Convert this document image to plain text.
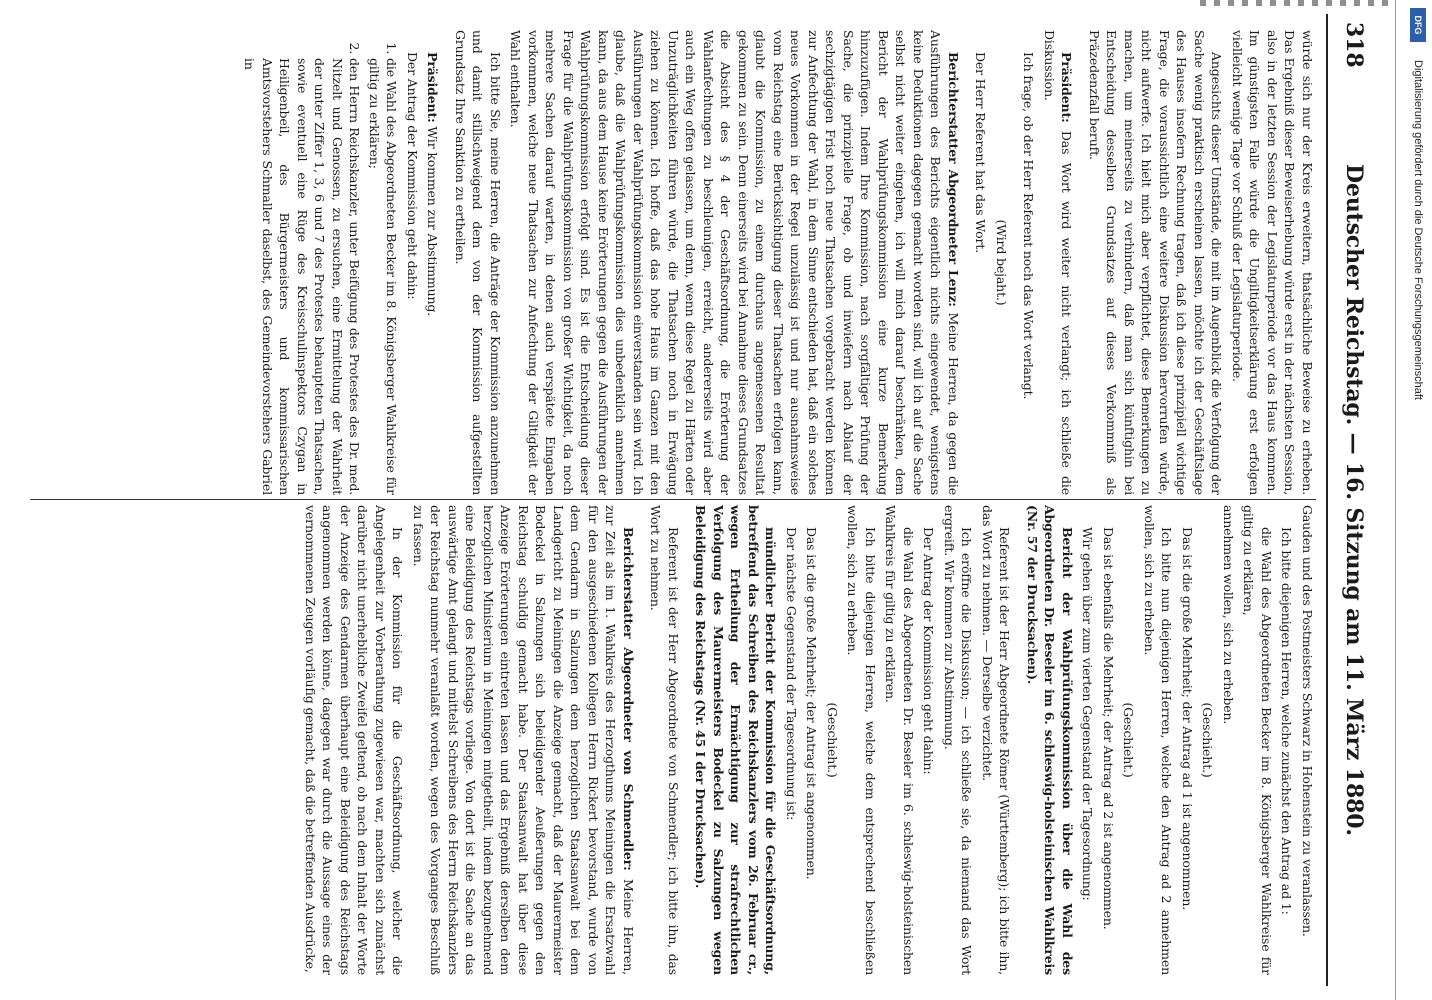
318
Deutscher Reichstag. — 16. Sitzung am 11. März 1880.

würde sich nur der Kreis erweitern, thatsächliche Beweise zu erheben. Das Ergebniß dieser Beweiserhebung würde erst in der nächsten Session, also in der letzten Session der Legislaturperiode vor das Haus kommen. Im günstigsten Falle würde die Ungiltigkeitserklärung erst erfolgen vielleicht wenige Tage vor Schluß der Legislaturperiode.

Angesichts dieser Umstände, die mit im Augenblick die Verfolgung der Sache wenig praktisch erscheinen lassen, möchte ich der Geschäftslage des Hauses insofern Rechnung tragen, daß ich diese prinzipiell wichtige Frage, die voraussichtlich eine weitere Diskussion hervorrufen würde, nicht aufwerfe. Ich hielt mich aber verpflichtet, diese Bemerkungen zu machen, um meinerseits zu verhindern, daß man sich künftighin bei Entscheidung desselben Grundsatzes auf dieses Verkommniß als Präzedenzfall beruft.

Präsident: Das Wort wird weiter nicht verlangt; ich schließe die Diskussion.

Ich frage, ob der Herr Referent noch das Wort verlangt.

(Wird bejaht.)

Der Herr Referent hat das Wort.

Berichterstatter Abgeordneter Lenz: Meine Herren, da gegen die Ausführungen des Berichts eigentlich nichts eingewendet, wenigstens keine Deduktionen dagegen gemacht worden sind, will ich auf die Sache selbst nicht weiter eingehen, ich will mich darauf beschränken, dem Bericht der Wahlprüfungskommission eine kurze Bemerkung hinzuzufügen. Indem Ihre Kommission, nach sorgfältiger Prüfung der Sache, die prinzipielle Frage, ob und inwiefern nach Ablauf der sechzigtägigen Frist noch neue Thatsachen vorgebracht werden können zur Anfechtung der Wahl, in dem Sinne entschieden hat, daß ein solches neues Vorkommen in der Regel unzulässig ist und nur ausnahmsweise vom Reichstag eine Berücksichtigung dieser Thatsachen erfolgen kann, glaubt die Kommission, zu einem durchaus angemessenen Resultat gekommen zu sein. Denn einerseits wird bei Annahme dieses Grundsatzes die Absicht des § 4 der Geschäftsordnung, die Erörterung der Wahlanfechtungen zu beschleunigen, erreicht, andererseits wird aber auch ein Weg offen gelassen, um denn, wenn diese Regel zu Härten oder Unzuträglichkeiten führen würde, die Thatsachen noch in Erwägung ziehen zu können. Ich hoffe, daß das hohe Haus im Ganzen mit den Ausführungen der Wahlprüfungskommission einverstanden sein wird. Ich glaube, daß die Wahlprüfungskommission dies unbedenklich annehmen kann, da aus dem Hause keine Erörterungen gegen die Ausführungen der Wahlprüfungskommission erfolgt sind. Es ist die Entscheidung dieser Frage für die Wahlprüfungskommission von großer Wichtigkeit, da noch mehrere Sachen darauf warten, in denen auch verspätete Eingaben vorkommen, welche neue Thatsachen zur Anfechtung der Giltigkeit der Wahl enthalten.

Ich bitte Sie, meine Herren, die Anträge der Kommission anzunehmen und damit stillschweigend dem von der Kommission aufgestellten Grundsatz Ihre Sanktion zu ertheilen.

Präsident: Wir kommen zur Abstimmung.

Der Antrag der Kommission geht dahin:

1. die Wahl des Abgeordneten Becker im 8. Königsberger Wahlkreise für giltig zu erklären;
2. den Herrn Reichskanzler, unter Beifügung des Protestes des Dr. med. Nitzelt und Genossen, zu ersuchen, eine Ermittelung der Wahrheit der unter Ziffer 1, 3, 6 und 7 des Protestes behaupteten Thatsachen, sowie eventuell eine Rüge des Kreisschulinspektors Czygan in Heiligenbeil, des Bürgermeisters und kommissarischen Amtsvorstehers Schmaller daselbst, des Gemeindevorstehers Gabriel in

Gauden und des Postmeisters Schwarz in Hohenstein zu veranlassen.

Ich bitte diejenigen Herren, welche zunächst den Antrag ad 1:

die Wahl des Abgeordneten Becker im 8. Königsberger Wahlkreise für giltig zu erklären,

annehmen wollen, sich zu erheben.

(Geschieht.)

Das ist die große Mehrheit; der Antrag ad 1 ist angenommen.

Ich bitte nun diejenigen Herren, welche den Antrag ad 2 annehmen wollen, sich zu erheben.

(Geschieht.)

Das ist ebenfalls die Mehrheit; der Antrag ad 2 ist angenommen.

Wir gehen über zum vierten Gegenstand der Tagesordnung:

Bericht der Wahlprüfungskommission über die Wahl des Abgeordneten Dr. Beseler im 6. schleswig-holsteinischen Wahlkreis (Nr. 57 der Drucksachen).

Referent ist der Herr Abgeordnete Römer (Württemberg); ich bitte ihn, das Wort zu nehmen. — Derselbe verzichtet.

Ich eröffne die Diskussion; — ich schließe sie, da niemand das Wort ergreift. Wir kommen zur Abstimmung.

Der Antrag der Kommission geht dahin:

die Wahl des Abgeordneten Dr. Beseler im 6. schleswig-holsteinischen Wahlkreis für giltig zu erklären.

Ich bitte diejenigen Herren, welche dem entsprechend beschließen wollen, sich zu erheben.

(Geschieht.)

Das ist die große Mehrheit; der Antrag ist angenommen.

Der nächste Gegenstand der Tagesordnung ist:

mündlicher Bericht der Kommission für die Geschäftsordnung, betreffend das Schreiben des Reichskanzlers vom 26. Februar cr., wegen Ertheilung der Ermächtigung zur strafrechtlichen Verfolgung des Maurermeisters Bodeckel zu Salzungen wegen Beleidigung des Reichstags (Nr. 45 I der Drucksachen).

Referent ist der Herr Abgeordnete von Schmendler; ich bitte ihn, das Wort zu nehmen.

Berichterstatter Abgeordneter von Schmendler: Meine Herren, zur Zeit als im 1. Wahlkreis des Herzogthums Meiningen die Ersatzwahl für den ausgeschiedenen Kollegen Herrn Rickert bevorstand, wurde von dem Gendarm in Salzungen dem herzoglichen Staatsanwalt bei dem Landgericht zu Meiningen die Anzeige gemacht, daß der Maurermeister Bodeckel in Salzungen sich beleidigender Aeußerungen gegen den Reichstag schuldig gemacht habe. Der Staatsanwalt hat über diese Anzeige Erörterungen eintreten lassen und das Ergebniß derselben dem herzoglichen Ministerium in Meiningen mitgetheilt, indem bezugnehmend eine Beleidigung des Reichstags vorliege. Von dort ist die Sache an das auswärtige Amt gelangt und mittelst Schreibens des Herrn Reichskanzlers der Reichstag nunmehr veranlaßt worden, wegen des Vorganges Beschluß zu fassen.

In der Kommission für die Geschäftsordnung, welcher die Angelegenheit zur Vorberathung zugewiesen war, machten sich zunächst darüber nicht unerhebliche Zweifel geltend, ob nach dem Inhalt der Worte der Anzeige des Gendarmen überhaupt eine Beleidigung des Reichstags angenommen werden könne, dagegen war durch die Aussage eines der vernommenen Zeugen vorläufig gemacht, daß die betreffenden Ausdrücke,

Digitalisierung gefördert durch die Deutsche Forschungsgemeinschaft
DFG
